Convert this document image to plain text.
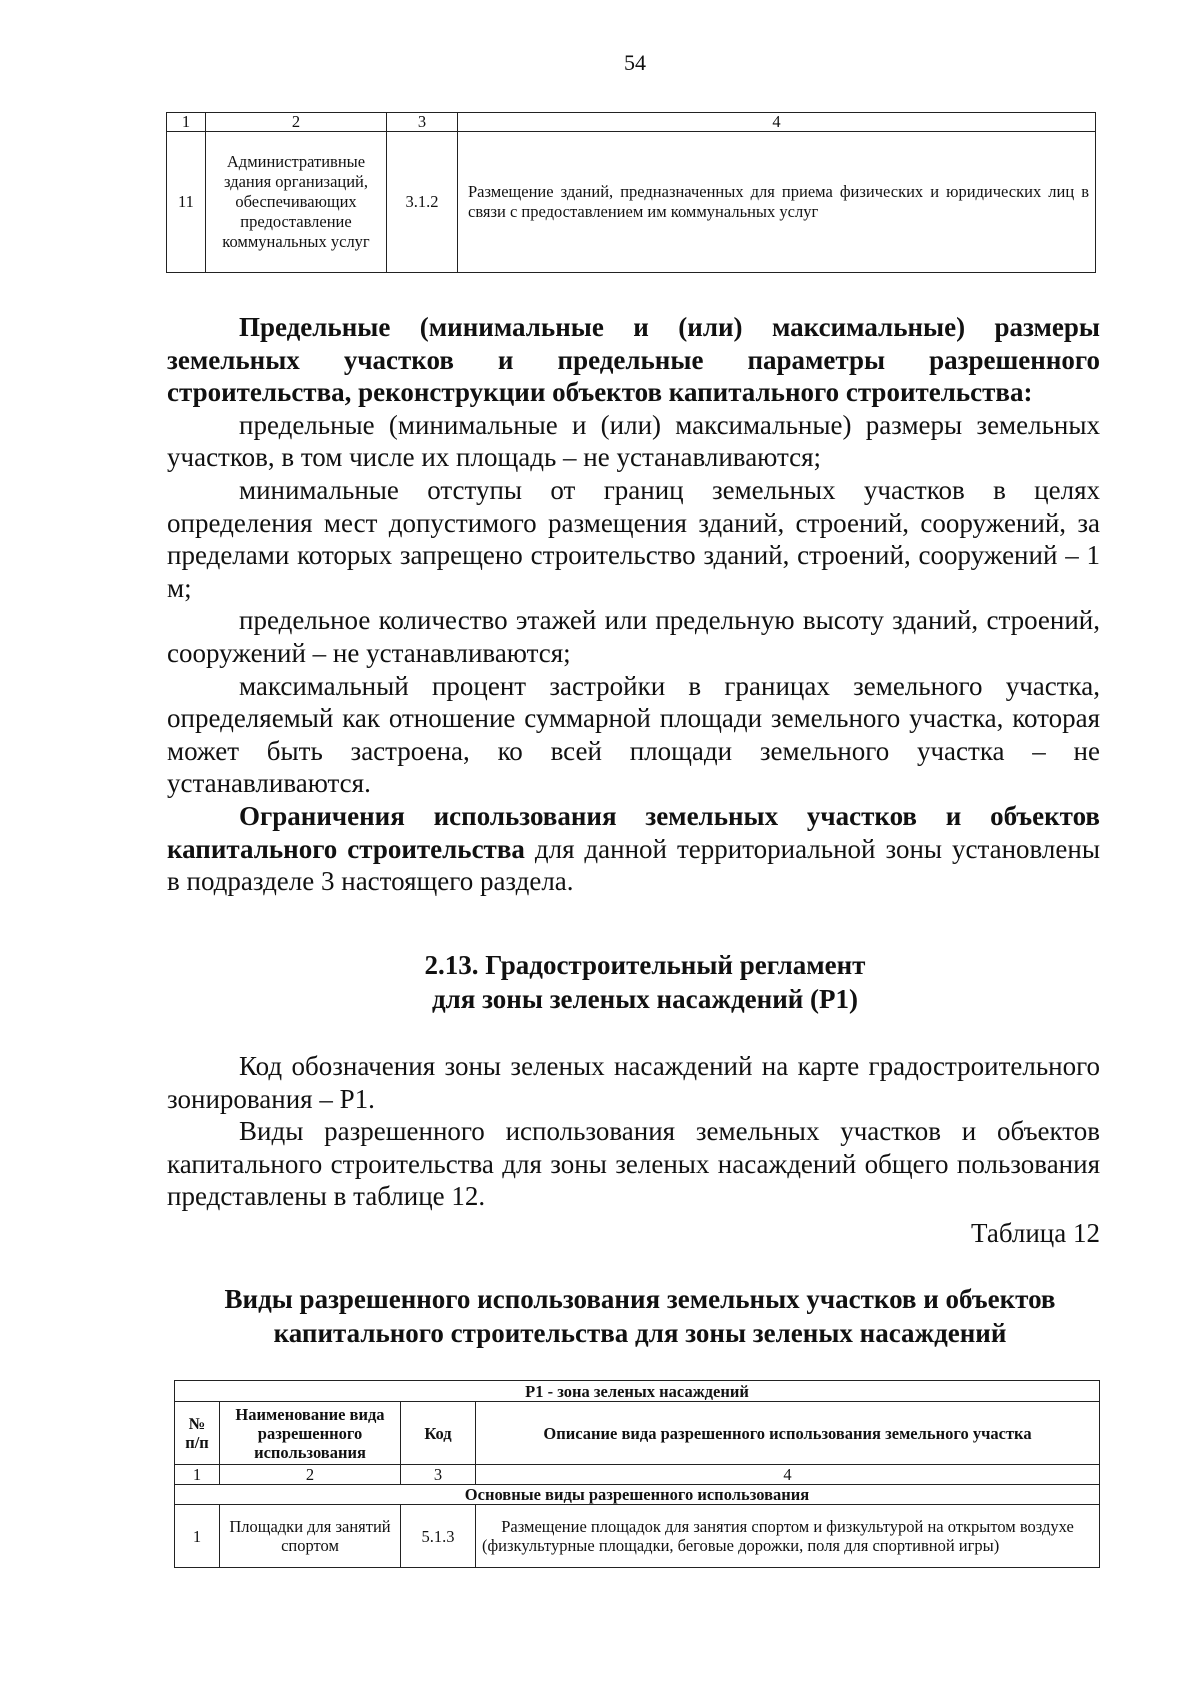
54
1	2	3	4
11	Административные здания организаций, обеспечивающих предоставление коммунальных услуг	3.1.2	Размещение зданий, предназначенных для приема физических и юридических лиц в связи с предоставлением им коммунальных услуг

Предельные (минимальные и (или) максимальные) размеры земельных участков и предельные параметры разрешенного строительства, реконструкции объектов капитального строительства:

предельные (минимальные и (или) максимальные) размеры земельных участков, в том числе их площадь – не устанавливаются;

минимальные отступы от границ земельных участков в целях определения мест допустимого размещения зданий, строений, сооружений, за пределами которых запрещено строительство зданий, строений, сооружений – 1 м;

предельное количество этажей или предельную высоту зданий, строений, сооружений – не устанавливаются;

максимальный процент застройки в границах земельного участка, определяемый как отношение суммарной площади земельного участка, которая может быть застроена, ко всей площади земельного участка – не устанавливаются.

Ограничения использования земельных участков и объектов капитального строительства для данной территориальной зоны установлены в подразделе 3 настоящего раздела.

2.13. Градостроительный регламент
для зоны зеленых насаждений (Р1)

Код обозначения зоны зеленых насаждений на карте градостроительного зонирования – Р1.

Виды разрешенного использования земельных участков и объектов капитального строительства для зоны зеленых насаждений общего пользования представлены в таблице 12.

Таблица 12
Виды разрешенного использования земельных участков и объектов капитального строительства для зоны зеленых насаждений
Р1 - зона зеленых насаждений			
№ п/п	Наименование вида разрешенного использования	Код	Описание вида разрешенного использования земельного участка
1	2	3	4
Основные виды разрешенного использования			
1	Площадки для занятий спортом	5.1.3	Размещение площадок для занятия спортом и физкультурой на открытом воздухе (физкультурные площадки, беговые дорожки, поля для спортивной игры)
